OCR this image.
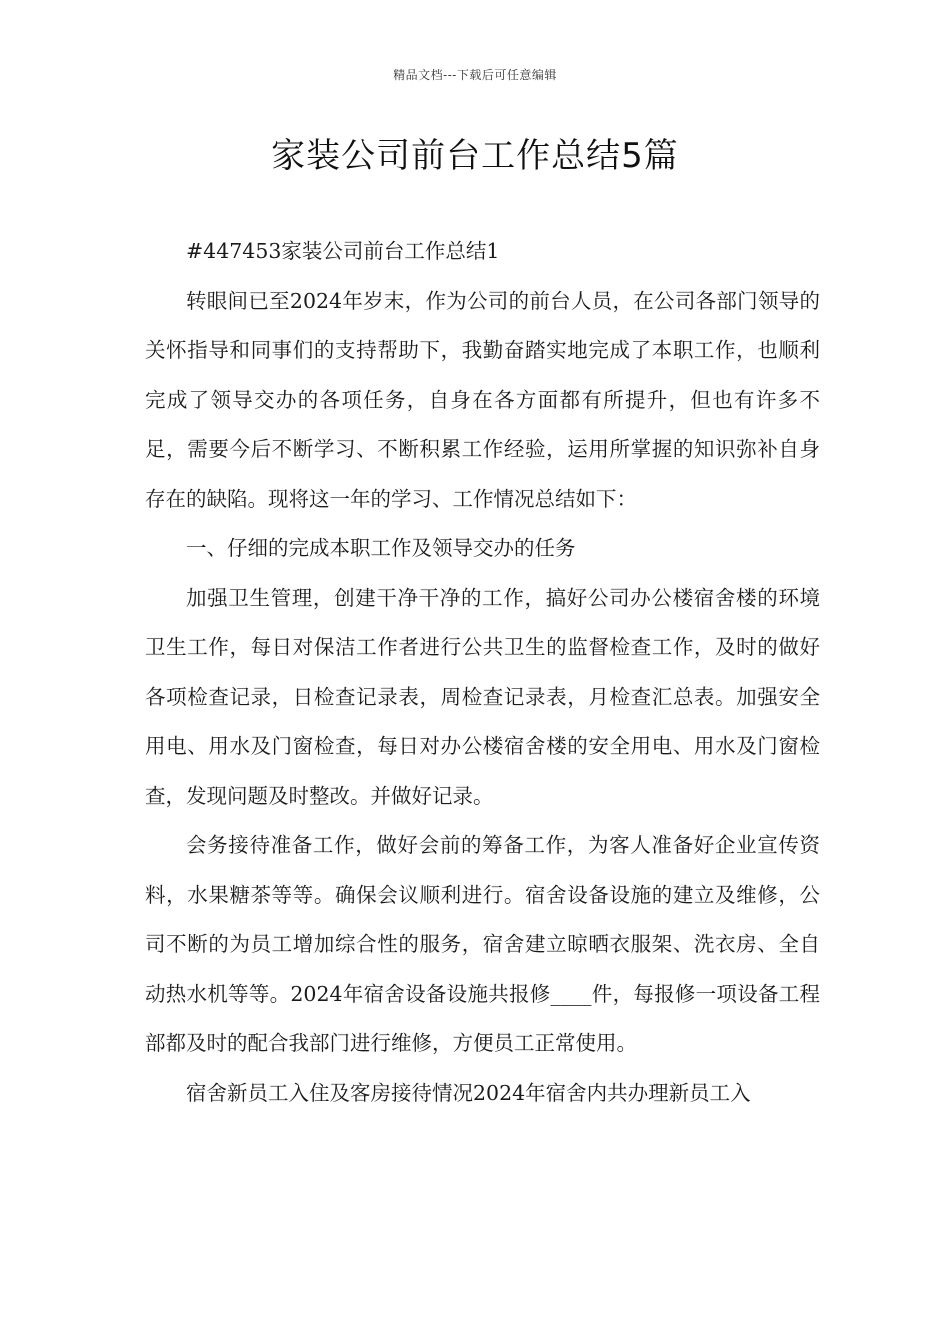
精品文档---下载后可任意编辑
家装公司前台工作总结5篇

#447453家装公司前台工作总结1

转眼间已至2024年岁末，作为公司的前台人员，在公司各部门领导的关怀指导和同事们的支持帮助下，我勤奋踏实地完成了本职工作，也顺利完成了领导交办的各项任务，自身在各方面都有所提升，但也有许多不足，需要今后不断学习、不断积累工作经验，运用所掌握的知识弥补自身存在的缺陷。现将这一年的学习、工作情况总结如下：

一、仔细的完成本职工作及领导交办的任务

加强卫生管理，创建干净干净的工作，搞好公司办公楼宿舍楼的环境卫生工作，每日对保洁工作者进行公共卫生的监督检查工作，及时的做好各项检查记录，日检查记录表，周检查记录表，月检查汇总表。加强安全用电、用水及门窗检查，每日对办公楼宿舍楼的安全用电、用水及门窗检查，发现问题及时整改。并做好记录。

会务接待准备工作，做好会前的筹备工作，为客人准备好企业宣传资料，水果糖茶等等。确保会议顺利进行。宿舍设备设施的建立及维修，公司不断的为员工增加综合性的服务，宿舍建立晾晒衣服架、洗衣房、全自动热水机等等。2024年宿舍设备设施共报修____件，每报修一项设备工程部都及时的配合我部门进行维修，方便员工正常使用。

宿舍新员工入住及客房接待情况2024年宿舍内共办理新员工入
